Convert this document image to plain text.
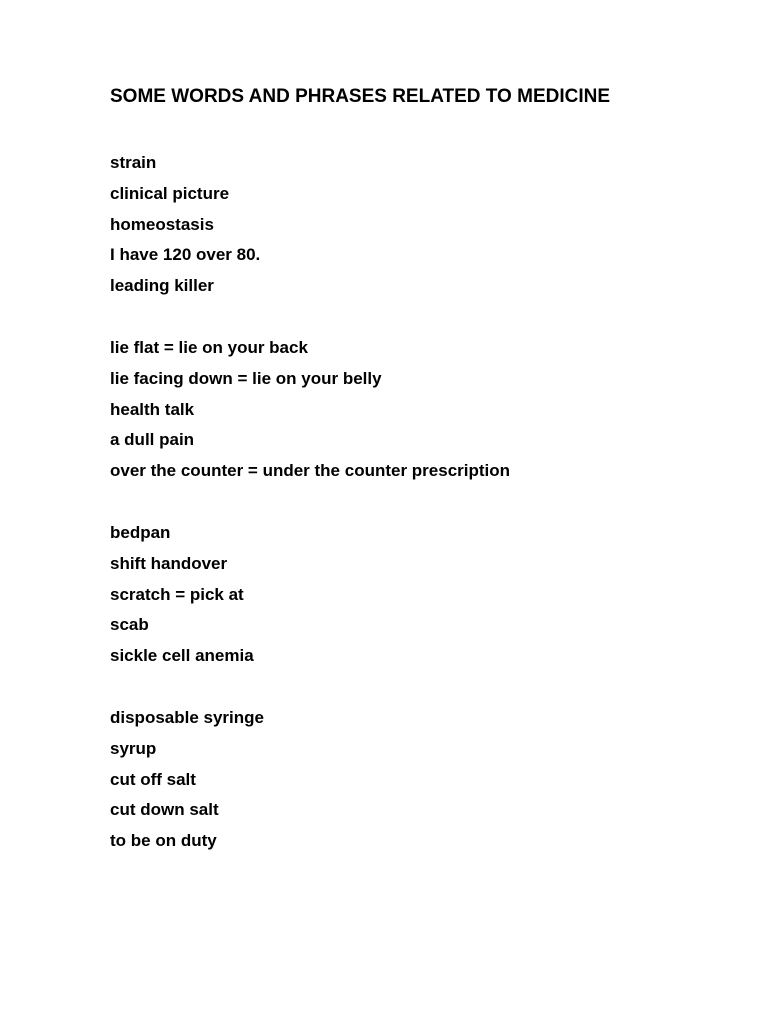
SOME WORDS AND PHRASES RELATED TO MEDICINE
strain
clinical picture
homeostasis
I have 120 over 80.
leading killer
lie flat = lie on your back
lie facing down = lie on your belly
health talk
a dull pain
over the counter = under the counter prescription
bedpan
shift handover
scratch = pick at
scab
sickle cell anemia
disposable syringe
syrup
cut off salt
cut down salt
to be on duty
